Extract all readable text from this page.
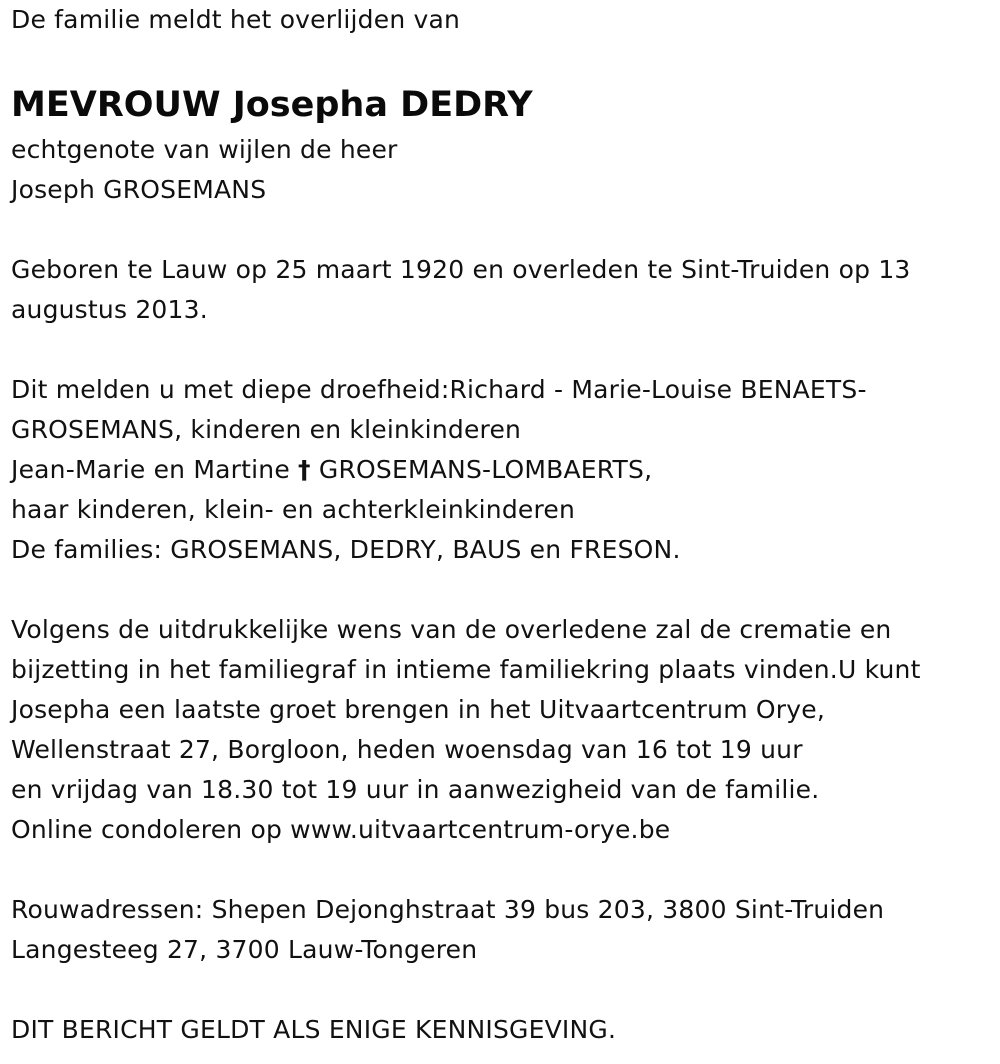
De familie meldt het overlijden van
MEVROUW Josepha DEDRY
echtgenote van wijlen de heer
Joseph GROSEMANS
Geboren te Lauw op 25 maart 1920 en overleden te Sint-Truiden op 13
augustus 2013.
Dit melden u met diepe droefheid:Richard - Marie-Louise BENAETS-
GROSEMANS, kinderen en kleinkinderen
Jean-Marie en Martine † GROSEMANS-LOMBAERTS,
haar kinderen, klein- en achterkleinkinderen
De families: GROSEMANS, DEDRY, BAUS en FRESON.
Volgens de uitdrukkelijke wens van de overledene zal de crematie en
bijzetting in het familiegraf in intieme familiekring plaats vinden.U kunt
Josepha een laatste groet brengen in het Uitvaartcentrum Orye,
Wellenstraat 27, Borgloon, heden woensdag van 16 tot 19 uur
en vrijdag van 18.30 tot 19 uur in aanwezigheid van de familie.
Online condoleren op www.uitvaartcentrum-orye.be
Rouwadressen: Shepen Dejonghstraat 39 bus 203, 3800 Sint-Truiden
Langesteeg 27, 3700 Lauw-Tongeren
DIT BERICHT GELDT ALS ENIGE KENNISGEVING.
